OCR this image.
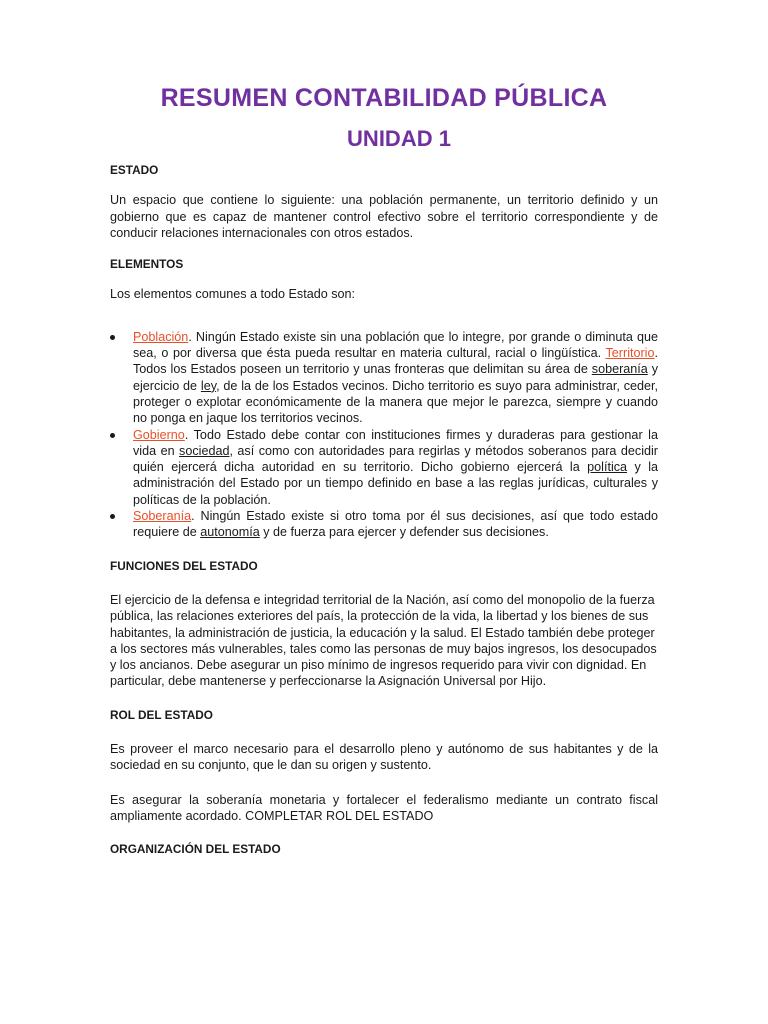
RESUMEN CONTABILIDAD PÚBLICA
UNIDAD 1
ESTADO

Un espacio que contiene lo siguiente: una población permanente, un territorio definido y un gobierno que es capaz de mantener control efectivo sobre el territorio correspondiente y de conducir relaciones internacionales con otros estados.

ELEMENTOS

Los elementos comunes a todo Estado son:

Población. Ningún Estado existe sin una población que lo integre, por grande o diminuta que sea, o por diversa que ésta pueda resultar en materia cultural, racial o lingüística. Territorio. Todos los Estados poseen un territorio y unas fronteras que delimitan su área de soberanía y ejercicio de ley, de la de los Estados vecinos. Dicho territorio es suyo para administrar, ceder, proteger o explotar económicamente de la manera que mejor le parezca, siempre y cuando no ponga en jaque los territorios vecinos.
Gobierno. Todo Estado debe contar con instituciones firmes y duraderas para gestionar la vida en sociedad, así como con autoridades para regirlas y métodos soberanos para decidir quién ejercerá dicha autoridad en su territorio. Dicho gobierno ejercerá la política y la administración del Estado por un tiempo definido en base a las reglas jurídicas, culturales y políticas de la población.
Soberanía. Ningún Estado existe si otro toma por él sus decisiones, así que todo estado requiere de autonomía y de fuerza para ejercer y defender sus decisiones.
FUNCIONES DEL ESTADO

El ejercicio de la defensa e integridad territorial de la Nación, así como del monopolio de la fuerza pública, las relaciones exteriores del país, la protección de la vida, la libertad y los bienes de sus habitantes, la administración de justicia, la educación y la salud. El Estado también debe proteger a los sectores más vulnerables, tales como las personas de muy bajos ingresos, los desocupados y los ancianos. Debe asegurar un piso mínimo de ingresos requerido para vivir con dignidad. En particular, debe mantenerse y perfeccionarse la Asignación Universal por Hijo.

ROL DEL ESTADO

Es proveer el marco necesario para el desarrollo pleno y autónomo de sus habitantes y de la sociedad en su conjunto, que le dan su origen y sustento.

Es asegurar la soberanía monetaria y fortalecer el federalismo mediante un contrato fiscal ampliamente acordado. COMPLETAR ROL DEL ESTADO

ORGANIZACIÓN DEL ESTADO
